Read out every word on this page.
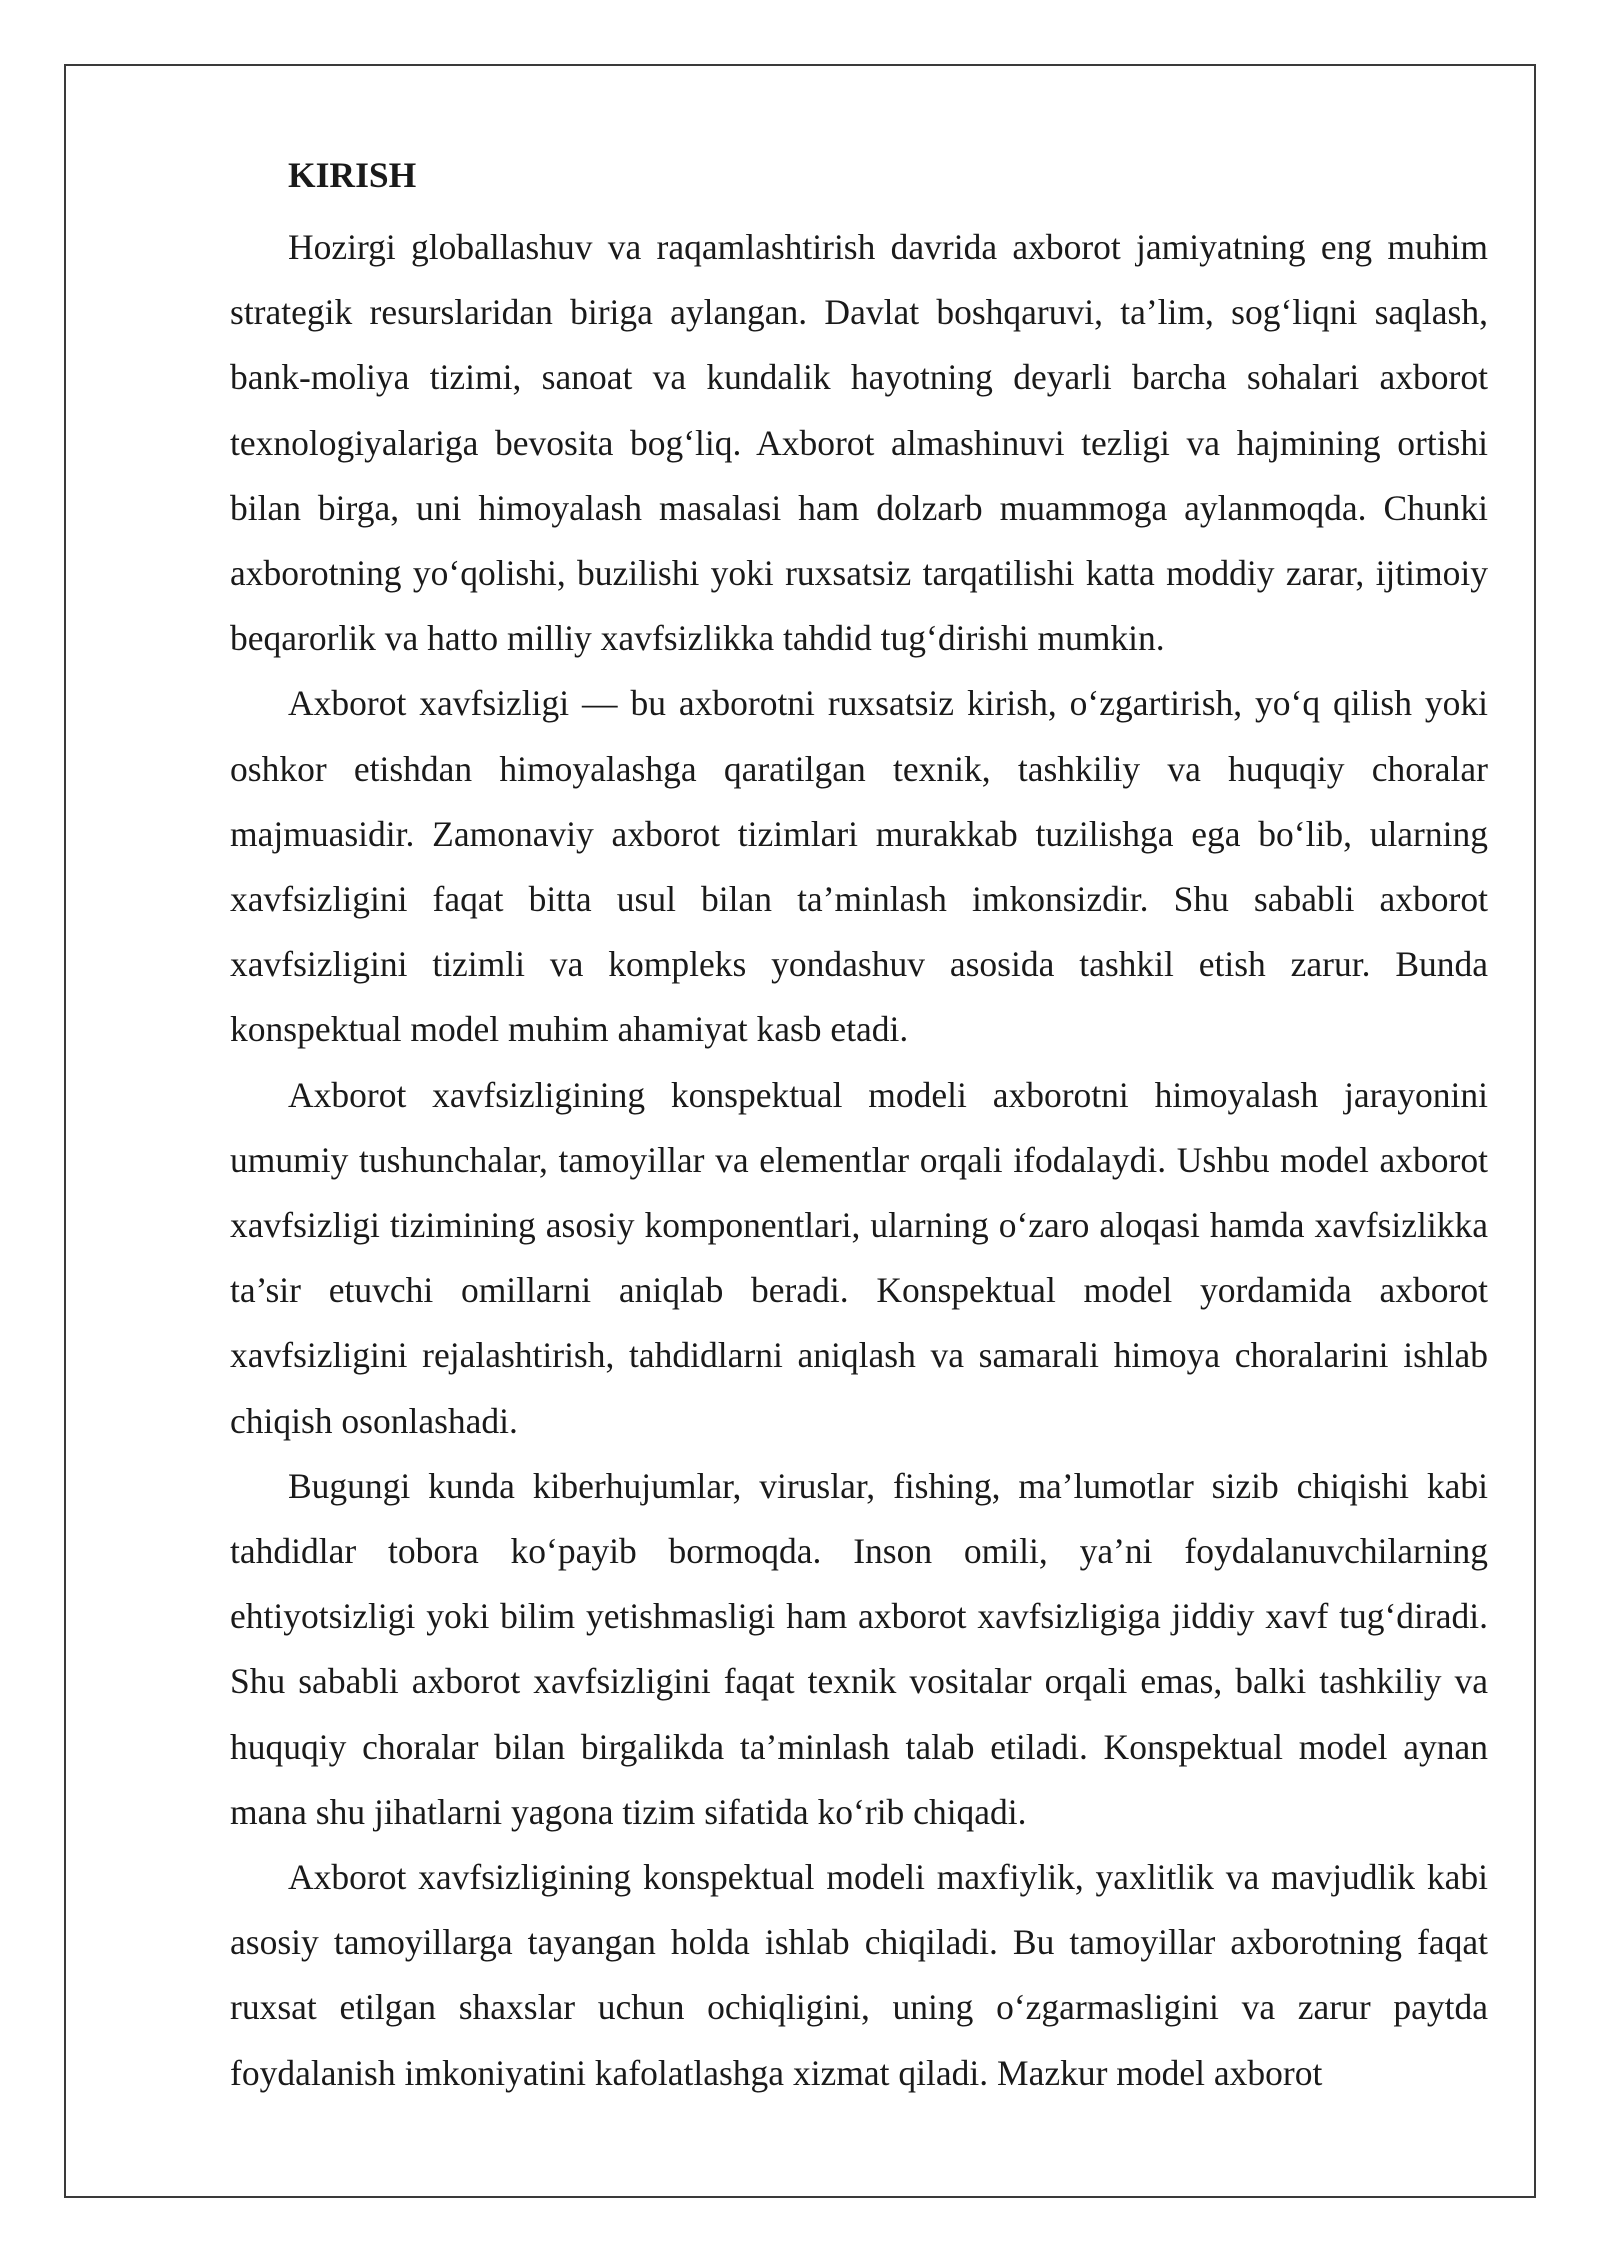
KIRISH

Hozirgi globallashuv va raqamlashtirish davrida axborot jamiyatning eng muhim strategik resurslaridan biriga aylangan. Davlat boshqaruvi, ta’lim, sog‘liqni saqlash, bank-moliya tizimi, sanoat va kundalik hayotning deyarli barcha sohalari axborot texnologiyalariga bevosita bog‘liq. Axborot almashinuvi tezligi va hajmining ortishi bilan birga, uni himoyalash masalasi ham dolzarb muammoga aylanmoqda. Chunki axborotning yo‘qolishi, buzilishi yoki ruxsatsiz tarqatilishi katta moddiy zarar, ijtimoiy beqarorlik va hatto milliy xavfsizlikka tahdid tug‘dirishi mumkin.

Axborot xavfsizligi — bu axborotni ruxsatsiz kirish, o‘zgartirish, yo‘q qilish yoki oshkor etishdan himoyalashga qaratilgan texnik, tashkiliy va huquqiy choralar majmuasidir. Zamonaviy axborot tizimlari murakkab tuzilishga ega bo‘lib, ularning xavfsizligini faqat bitta usul bilan ta’minlash imkonsizdir. Shu sababli axborot xavfsizligini tizimli va kompleks yondashuv asosida tashkil etish zarur. Bunda konspektual model muhim ahamiyat kasb etadi.

Axborot xavfsizligining konspektual modeli axborotni himoyalash jarayonini umumiy tushunchalar, tamoyillar va elementlar orqali ifodalaydi. Ushbu model axborot xavfsizligi tizimining asosiy komponentlari, ularning o‘zaro aloqasi hamda xavfsizlikka ta’sir etuvchi omillarni aniqlab beradi. Konspektual model yordamida axborot xavfsizligini rejalashtirish, tahdidlarni aniqlash va samarali himoya choralarini ishlab chiqish osonlashadi.

Bugungi kunda kiberhujumlar, viruslar, fishing, ma’lumotlar sizib chiqishi kabi tahdidlar tobora ko‘payib bormoqda. Inson omili, ya’ni foydalanuvchilarning ehtiyotsizligi yoki bilim yetishmasligi ham axborot xavfsizligiga jiddiy xavf tug‘diradi. Shu sababli axborot xavfsizligini faqat texnik vositalar orqali emas, balki tashkiliy va huquqiy choralar bilan birgalikda ta’minlash talab etiladi. Konspektual model aynan mana shu jihatlarni yagona tizim sifatida ko‘rib chiqadi.

Axborot xavfsizligining konspektual modeli maxfiylik, yaxlitlik va mavjudlik kabi asosiy tamoyillarga tayangan holda ishlab chiqiladi. Bu tamoyillar axborotning faqat ruxsat etilgan shaxslar uchun ochiqligini, uning o‘zgarmasligini va zarur paytda foydalanish imkoniyatini kafolatlashga xizmat qiladi. Mazkur model axborot
